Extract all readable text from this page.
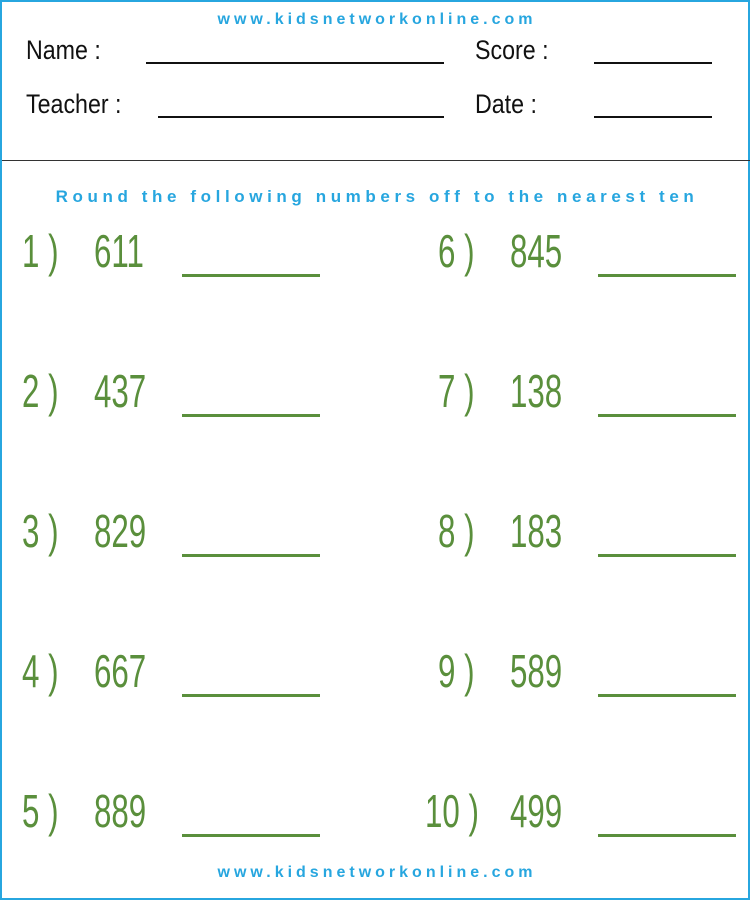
www.kidsnetworkonline.com
Name :	Score :
Teacher :	Date :
Round the following numbers off to the nearest ten
1 ) 611
2 ) 437
3 ) 829
4 ) 667
5 ) 889
6 ) 845
7 ) 138
8 ) 183
9 ) 589
10 ) 499
www.kidsnetworkonline.com
